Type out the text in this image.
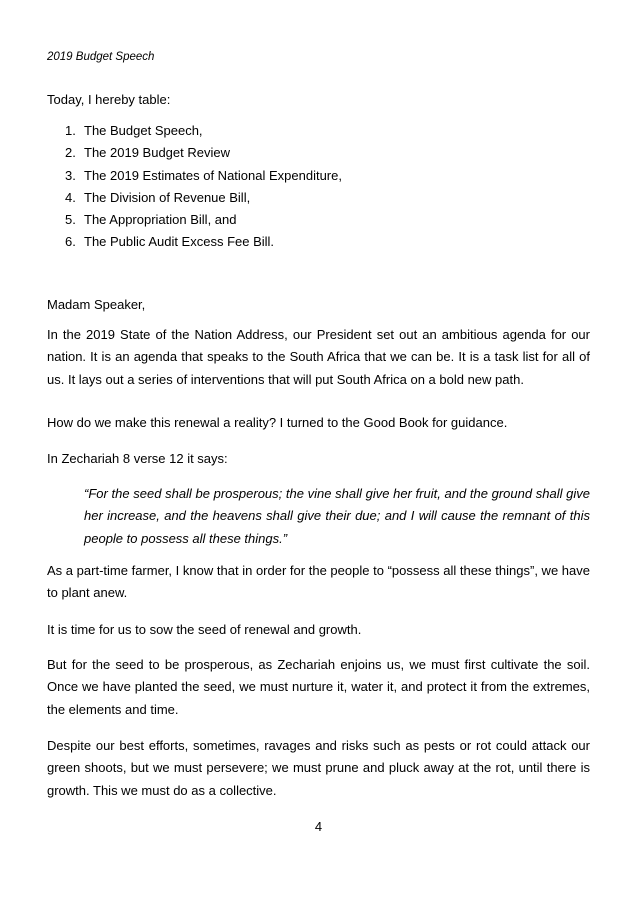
2019 Budget Speech
Today, I hereby table:
1. The Budget Speech,
2. The 2019 Budget Review
3. The 2019 Estimates of National Expenditure,
4. The Division of Revenue Bill,
5. The Appropriation Bill, and
6. The Public Audit Excess Fee Bill.
Madam Speaker,

In the 2019 State of the Nation Address, our President set out an ambitious agenda for our nation. It is an agenda that speaks to the South Africa that we can be. It is a task list for all of us. It lays out a series of interventions that will put South Africa on a bold new path.

How do we make this renewal a reality? I turned to the Good Book for guidance.

In Zechariah 8 verse 12 it says:

“For the seed shall be prosperous; the vine shall give her fruit, and the ground shall give her increase, and the heavens shall give their due; and I will cause the remnant of this people to possess all these things.”

As a part-time farmer, I know that in order for the people to “possess all these things”, we have to plant anew.

It is time for us to sow the seed of renewal and growth.

But for the seed to be prosperous, as Zechariah enjoins us, we must first cultivate the soil. Once we have planted the seed, we must nurture it, water it, and protect it from the extremes, the elements and time.

Despite our best efforts, sometimes, ravages and risks such as pests or rot could attack our green shoots, but we must persevere; we must prune and pluck away at the rot, until there is growth. This we must do as a collective.

4
